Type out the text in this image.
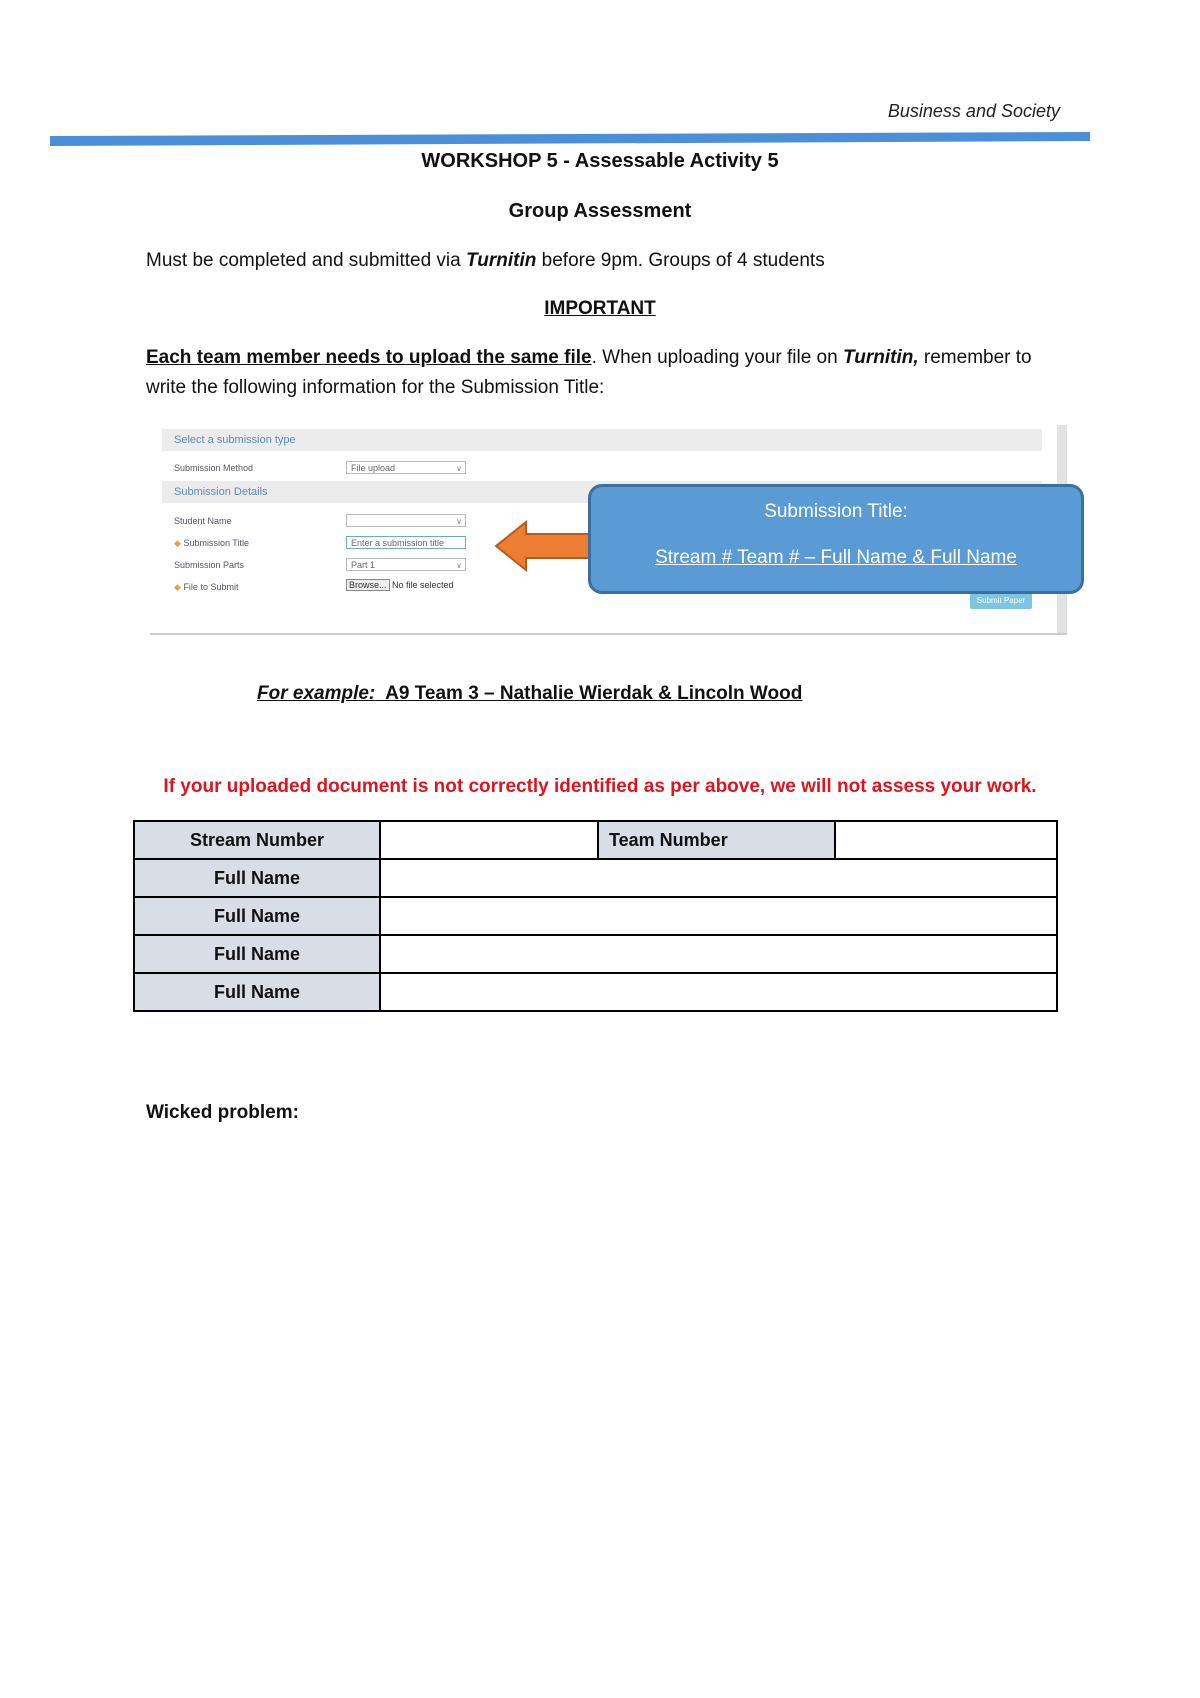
Business and Society
WORKSHOP 5 - Assessable Activity 5
Group Assessment
Must be completed and submitted via Turnitin before 9pm. Groups of 4 students
IMPORTANT
Each team member needs to upload the same file. When uploading your file on Turnitin, remember to write the following information for the Submission Title:
Select a submission type
Submission Method	File upload	∨
Submission Details
Student Name	∨
◆ Submission Title	Enter a submission title
Submission Parts	Part 1	∨
◆ File to Submit	Browse... No file selected
Submit Paper
Submission Title:
Stream # Team # – Full Name & Full Name
For example:  A9 Team 3 – Nathalie Wierdak & Lincoln Wood
If your uploaded document is not correctly identified as per above, we will not assess your work.
Stream Number		Team Number	
Full Name			
Full Name			
Full Name			
Full Name			
Wicked problem:
